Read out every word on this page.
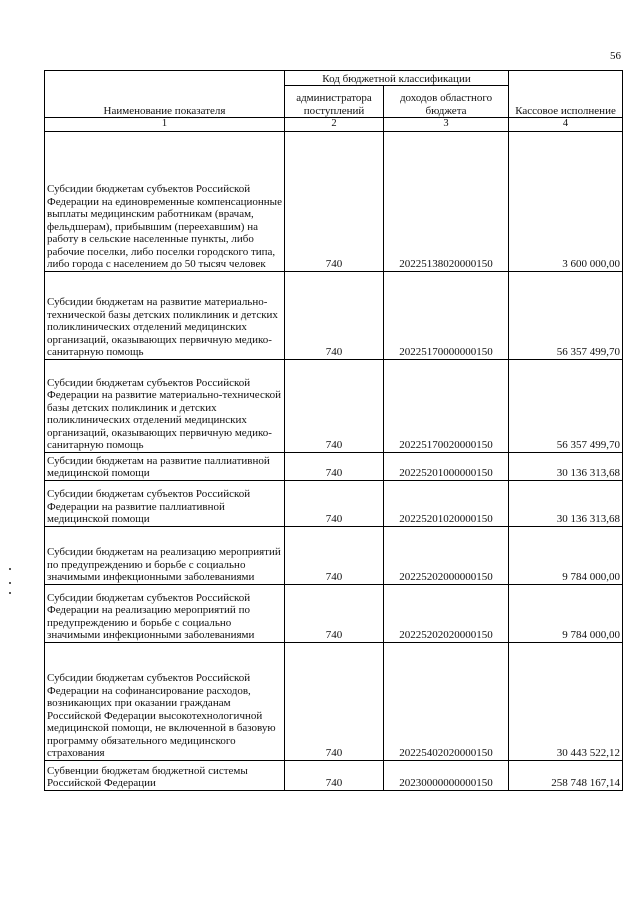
56
Наименование показателя	Код бюджетной классификации		Кассовое исполнение
	администратора поступлений	доходов областного бюджета	
1	2	3	4
Субсидии бюджетам субъектов Российской Федерации на единовременные компенсационные выплаты медицинским работникам (врачам, фельдшерам), прибывшим (переехавшим) на работу в сельские населенные пункты, либо рабочие поселки, либо поселки городского типа, либо города с населением до 50 тысяч человек	740	20225138020000150	3 600 000,00
Субсидии бюджетам на развитие материально-технической базы детских поликлиник и детских поликлинических отделений медицинских организаций, оказывающих первичную медико-санитарную помощь	740	20225170000000150	56 357 499,70
Субсидии бюджетам субъектов Российской Федерации на развитие материально-технической базы детских поликлиник и детских поликлинических отделений медицинских организаций, оказывающих первичную медико-санитарную помощь	740	20225170020000150	56 357 499,70
Субсидии бюджетам на развитие паллиативной медицинской помощи	740	20225201000000150	30 136 313,68
Субсидии бюджетам субъектов Российской Федерации на развитие паллиативной медицинской помощи	740	20225201020000150	30 136 313,68
Субсидии бюджетам на реализацию мероприятий по предупреждению и борьбе с социально значимыми инфекционными заболеваниями	740	20225202000000150	9 784 000,00
Субсидии бюджетам субъектов Российской Федерации на реализацию мероприятий по предупреждению и борьбе с социально значимыми инфекционными заболеваниями	740	20225202020000150	9 784 000,00
Субсидии бюджетам субъектов Российской Федерации на софинансирование расходов, возникающих при оказании гражданам Российской Федерации высокотехнологичной медицинской помощи, не включенной в базовую программу обязательного медицинского страхования	740	20225402020000150	30 443 522,12
Субвенции бюджетам бюджетной системы Российской Федерации	740	20230000000000150	258 748 167,14
